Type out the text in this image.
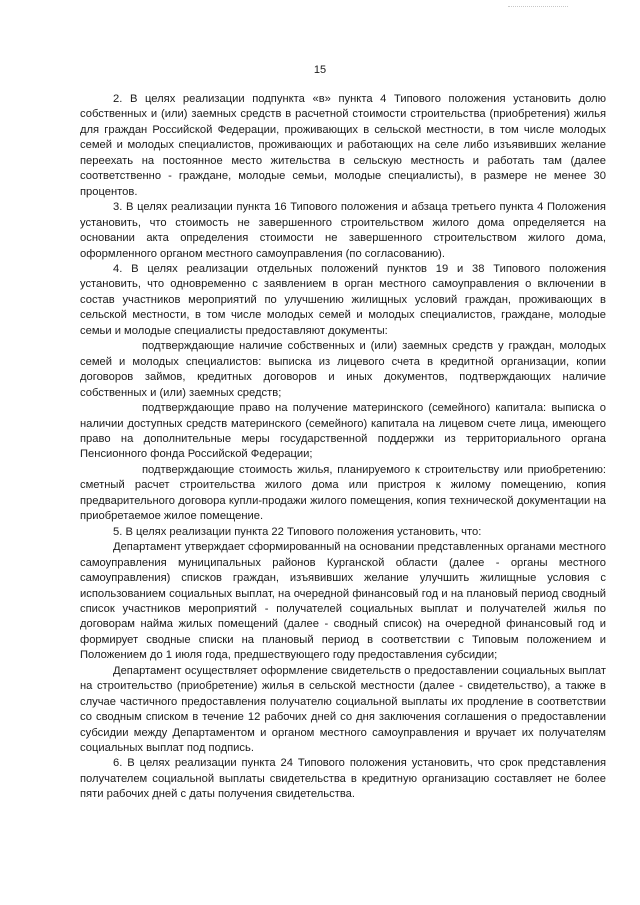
15

2. В целях реализации подпункта «в» пункта 4 Типового положения установить долю собственных и (или) заемных средств в расчетной стоимости строительства (приобретения) жилья для граждан Российской Федерации, проживающих в сельской местности, в том числе молодых семей и молодых специалистов, проживающих и работающих на селе либо изъявивших желание переехать на постоянное место жительства в сельскую местность и работать там (далее соответственно - граждане, молодые семьи, молодые специалисты), в размере не менее 30 процентов.

3. В целях реализации пункта 16 Типового положения и абзаца третьего пункта 4 Положения установить, что стоимость не завершенного строительством жилого дома определяется на основании акта определения стоимости не завершенного строительством жилого дома, оформленного органом местного самоуправления (по согласованию).

4. В целях реализации отдельных положений пунктов 19 и 38 Типового положения установить, что одновременно с заявлением в орган местного самоуправления о включении в состав участников мероприятий по улучшению жилищных условий граждан, проживающих в сельской местности, в том числе молодых семей и молодых специалистов, граждане, молодые семьи и молодые специалисты предоставляют документы:

подтверждающие наличие собственных и (или) заемных средств у граждан, молодых семей и молодых специалистов: выписка из лицевого счета в кредитной организации, копии договоров займов, кредитных договоров и иных документов, подтверждающих наличие собственных и (или) заемных средств;

подтверждающие право на получение материнского (семейного) капитала: выписка о наличии доступных средств материнского (семейного) капитала на лицевом счете лица, имеющего право на дополнительные меры государственной поддержки из территориального органа Пенсионного фонда Российской Федерации;

подтверждающие стоимость жилья, планируемого к строительству или приобретению: сметный расчет строительства жилого дома или пристроя к жилому помещению, копия предварительного договора купли-продажи жилого помещения, копия технической документации на приобретаемое жилое помещение.

5. В целях реализации пункта 22 Типового положения установить, что:

Департамент утверждает сформированный на основании представленных органами местного самоуправления муниципальных районов Курганской области (далее - органы местного самоуправления) списков граждан, изъявивших желание улучшить жилищные условия с использованием социальных выплат, на очередной финансовый год и на плановый период сводный список участников мероприятий - получателей социальных выплат и получателей жилья по договорам найма жилых помещений (далее - сводный список) на очередной финансовый год и формирует сводные списки на плановый период в соответствии с Типовым положением и Положением до 1 июля года, предшествующего году предоставления субсидии;

Департамент осуществляет оформление свидетельств о предоставлении социальных выплат на строительство (приобретение) жилья в сельской местности (далее - свидетельство), а также в случае частичного предоставления получателю социальной выплаты их продление в соответствии со сводным списком в течение 12 рабочих дней со дня заключения соглашения о предоставлении субсидии между Департаментом и органом местного самоуправления и вручает их получателям социальных выплат под подпись.

6. В целях реализации пункта 24 Типового положения установить, что срок представления получателем социальной выплаты свидетельства в кредитную организацию составляет не более пяти рабочих дней с даты получения свидетельства.
